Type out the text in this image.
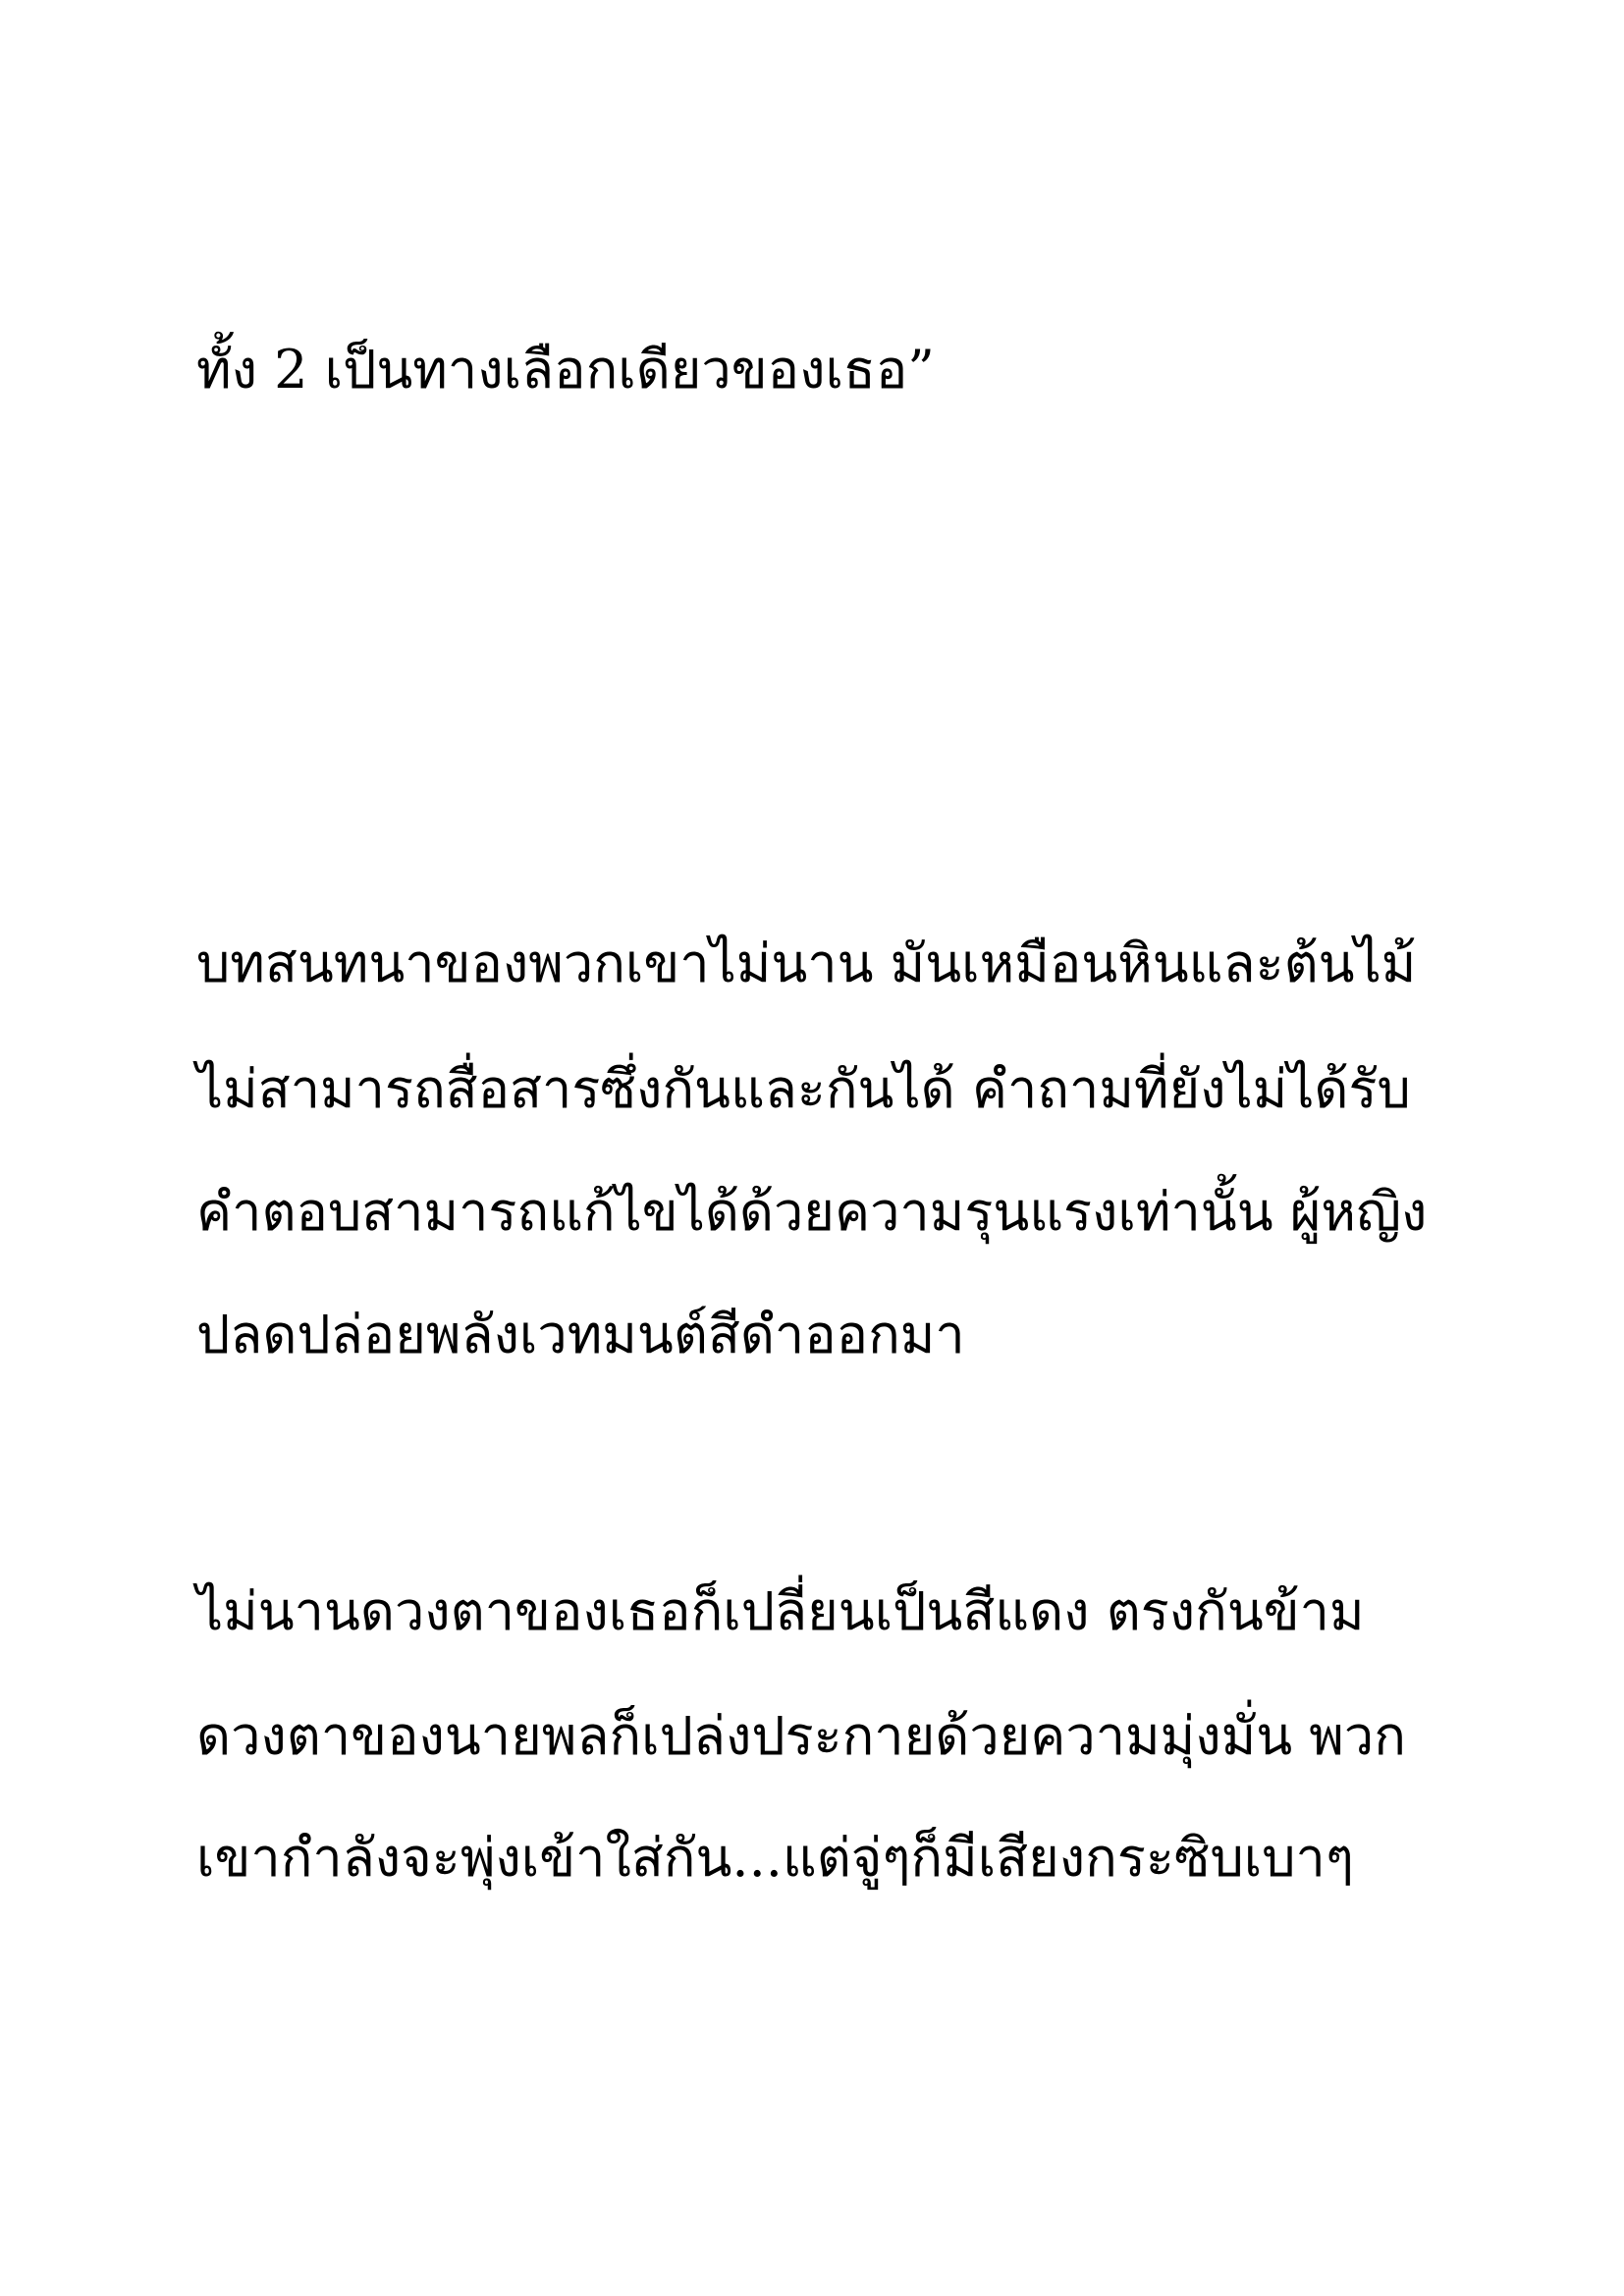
ทั้ง 2 เป็นทางเลือกเดียวของเธอ”

บทสนทนาของพวกเขาไม่นาน มันเหมือนหินและต้นไม้

ไม่สามารถสื่อสารซึ่งกันและกันได้ คำถามที่ยังไม่ได้รับ

คำตอบสามารถแก้ไขได้ด้วยความรุนแรงเท่านั้น ผู้หญิง

ปลดปล่อยพลังเวทมนต์สีดำออกมา

ไม่นานดวงตาของเธอก็เปลี่ยนเป็นสีแดง ตรงกันข้าม

ดวงตาของนายพลก็เปล่งประกายด้วยความมุ่งมั่น พวก

เขากำลังจะพุ่งเข้าใส่กัน...แต่จู่ๆก็มีเสียงกระซิบเบาๆ
